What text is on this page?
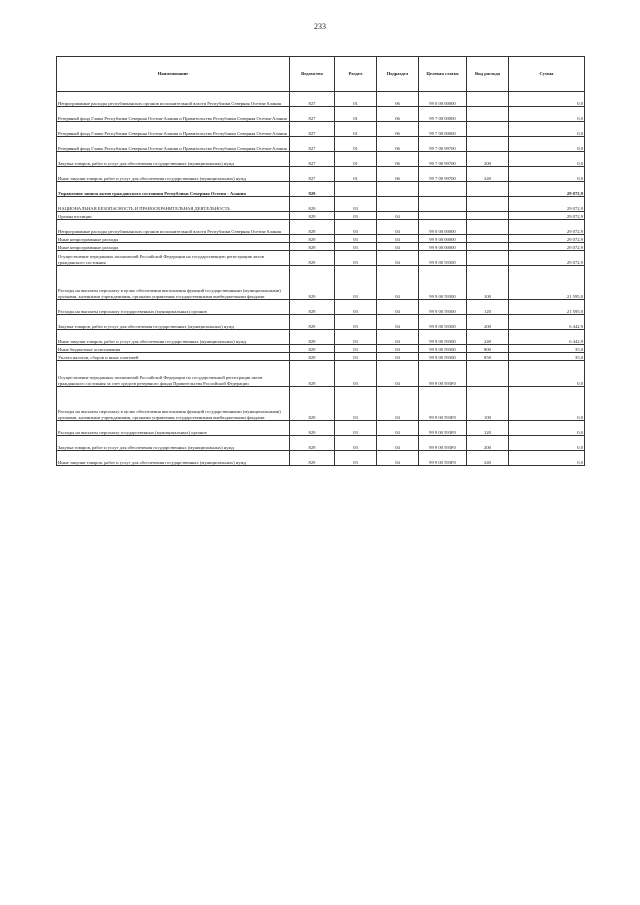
233
Наименование	Ведомство	Раздел	Подраздел	Целевая статья	Вид расхода	Сумма
Непрограммные расходы республиканских органов исполнительной власти Республики Северная Осетия-Алания	827	01	06	99 0 00 00000		0,0
Резервный фонд Главы Республики Северная Осетия-Алания и Правительства Республики Северная Осетия-Алания	827	01	06	99 7 00 00000		0,0
Резервный фонд Главы Республики Северная Осетия-Алания и Правительства Республики Северная Осетия-Алания	827	01	06	99 7 00 00000		0,0
Резервный фонд Главы Республики Северная Осетия-Алания и Правительства Республики Северная Осетия-Алания	827	01	06	99 7 00 99700		0,0
Закупка товаров, работ и услуг для обеспечения государственных (муниципальных) нужд	827	01	06	99 7 00 99700	200	0,0
Иные закупки товаров, работ и услуг для обеспечения государственных (муниципальных) нужд	827	01	06	99 7 00 99700	240	0,0
Управление записи актов гражданского состояния Республики Северная Осетия - Алания	829					29 072,9
НАЦИОНАЛЬНАЯ БЕЗОПАСНОСТЬ И ПРАВООХРАНИТЕЛЬНАЯ ДЕЯТЕЛЬНОСТЬ	829	03				29 072,9
Органы юстиции	829	03	04			29 072,9
Непрограммные расходы республиканских органов исполнительной власти Республики Северная Осетия-Алания	829	03	04	99 0 00 00000		29 072,9
Иные непрограммные расходы	829	03	04	99 9 00 00000		29 072,9
Иные непрограммные расходы	829	03	04	99 9 00 00000		29 072,9
Осуществление переданных полномочий Российской Федерации на государственную регистрацию актов гражданского состояния	829	03	04	99 9 00 59300		29 072,9
Расходы на выплаты персоналу в целях обеспечения выполнения функций государственными (муниципальными) органами, казенными учреждениями, органами управления государственными внебюджетными фондами	829	03	04	99 9 00 59300	100	21 595,0
Расходы на выплаты персоналу государственных (муниципальных) органов	829	03	04	99 9 00 59300	120	21 595,0
Закупка товаров, работ и услуг для обеспечения государственных (муниципальных) нужд	829	03	04	99 9 00 59300	200	6 442,9
Иные закупки товаров, работ и услуг для обеспечения государственных (муниципальных) нужд	829	03	04	99 9 00 59300	240	6 442,9
Иные бюджетные ассигнования	829	03	04	99 9 00 59300	800	35,0
Уплата налогов, сборов и иных платежей	829	03	04	99 9 00 59300	850	35,0
Осуществление переданных полномочий Российской Федерации по государственной регистрации актов гражданского состояния за счет средств резервного фонда Правительства Российской Федерации	829	03	04	99 9 00 593F0		0,0
Расходы на выплаты персоналу в целях обеспечения выполнения функций государственными (муниципальными) органами, казенными учреждениями, органами управления государственными внебюджетными фондами	829	03	04	99 9 00 593F0	100	0,0
Расходы на выплаты персоналу государственных (муниципальных) органов	829	03	04	99 9 00 593F0	120	0,0
Закупка товаров, работ и услуг для обеспечения государственных (муниципальных) нужд	829	03	04	99 9 00 593F0	200	0,0
Иные закупки товаров, работ и услуг для обеспечения государственных (муниципальных) нужд	829	03	04	99 9 00 593F0	240	0,0
